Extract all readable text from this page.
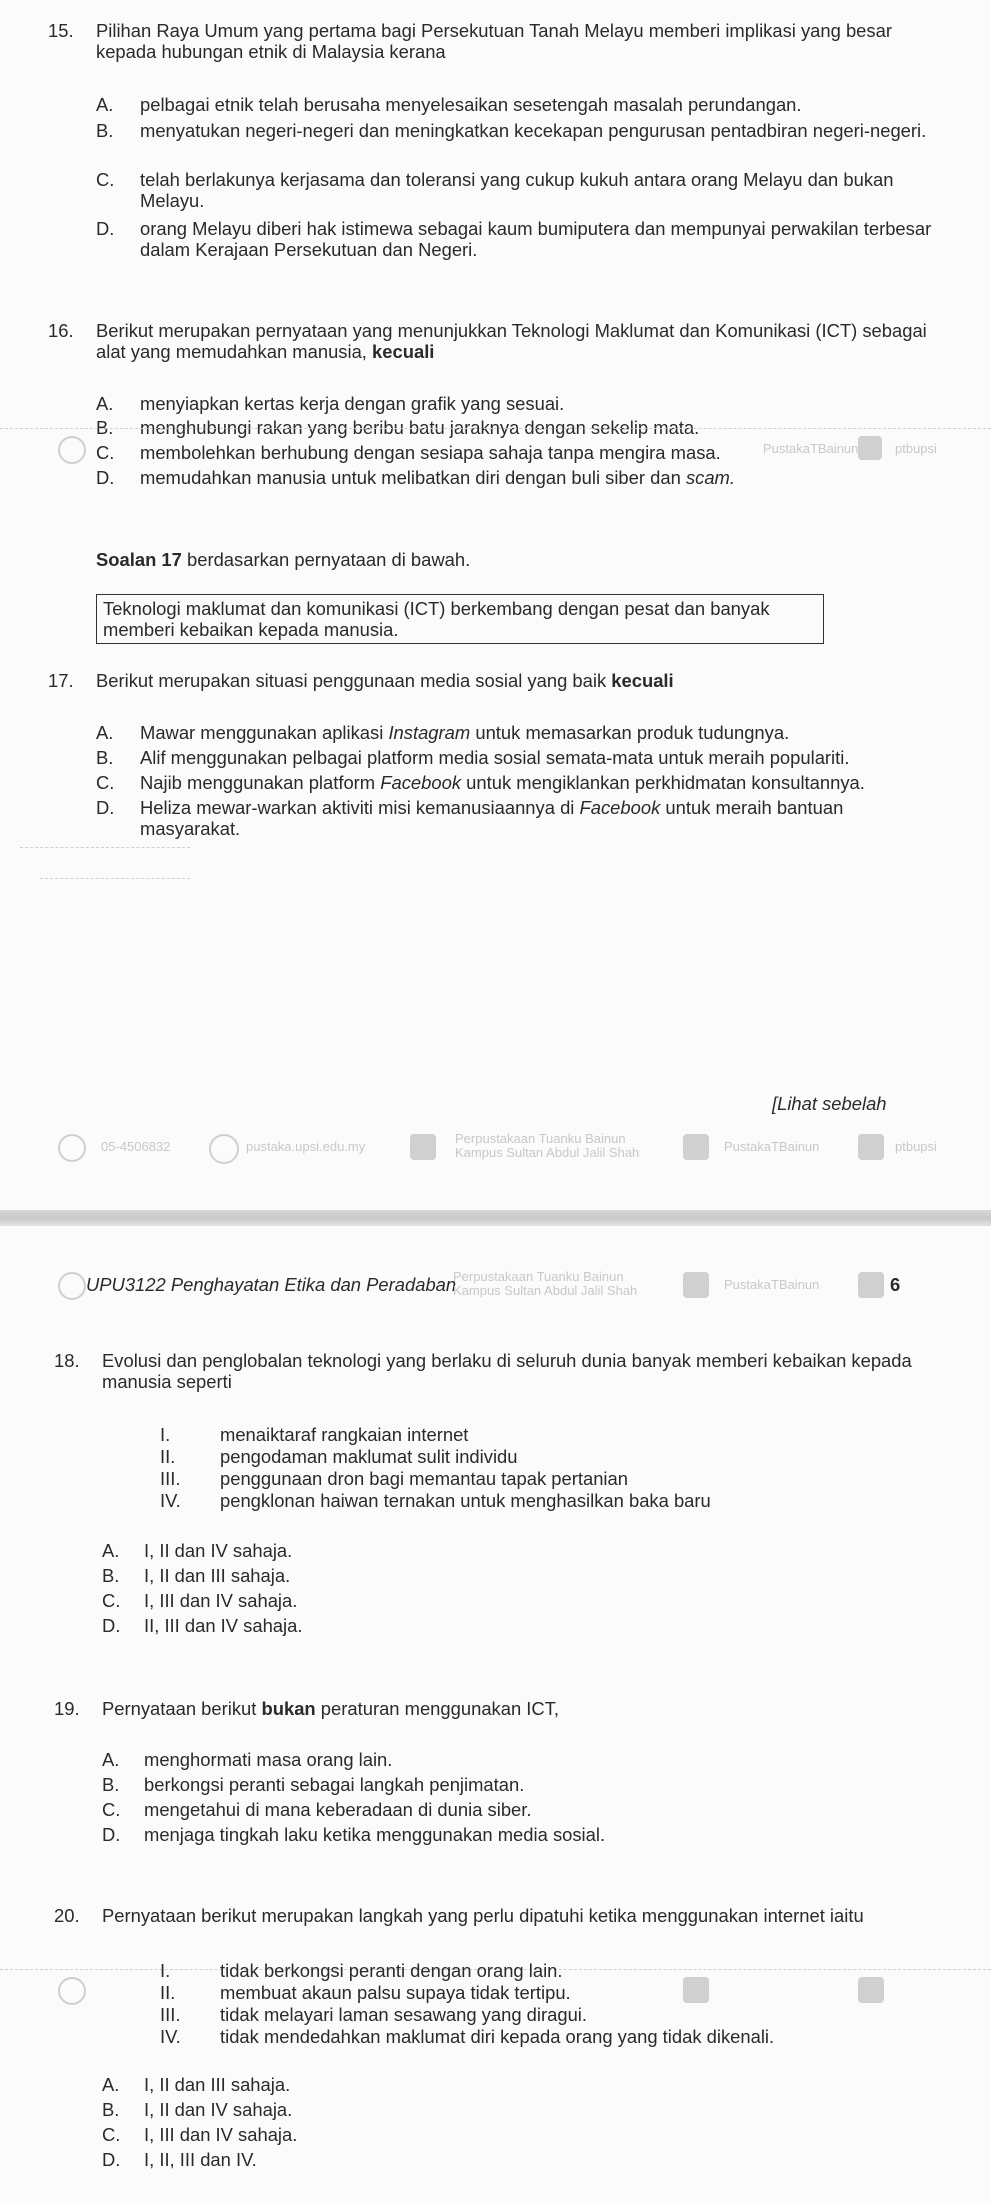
15.	Pilihan Raya Umum yang pertama bagi Persekutuan Tanah Melayu memberi implikasi yang besar kepada hubungan etnik di Malaysia kerana
A. pelbagai etnik telah berusaha menyelesaikan sesetengah masalah perundangan.
B. menyatukan negeri-negeri dan meningkatkan kecekapan pengurusan pentadbiran negeri-negeri.
C. telah berlakunya kerjasama dan toleransi yang cukup kukuh antara orang Melayu dan bukan Melayu.
D. orang Melayu diberi hak istimewa sebagai kaum bumiputera dan mempunyai perwakilan terbesar dalam Kerajaan Persekutuan dan Negeri.
16.	Berikut merupakan pernyataan yang menunjukkan Teknologi Maklumat dan Komunikasi (ICT) sebagai alat yang memudahkan manusia, kecuali
A. menyiapkan kertas kerja dengan grafik yang sesuai.
B. menghubungi rakan yang beribu batu jaraknya dengan sekelip mata.
C. membolehkan berhubung dengan sesiapa sahaja tanpa mengira masa.
D. memudahkan manusia untuk melibatkan diri dengan buli siber dan scam.
PustakaTBainun	ptbupsi
Soalan 17 berdasarkan pernyataan di bawah.
Teknologi maklumat dan komunikasi (ICT) berkembang dengan pesat dan banyak memberi kebaikan kepada manusia.
17.	Berikut merupakan situasi penggunaan media sosial yang baik kecuali
A. Mawar menggunakan aplikasi Instagram untuk memasarkan produk tudungnya.
B. Alif menggunakan pelbagai platform media sosial semata-mata untuk meraih populariti.
C. Najib menggunakan platform Facebook untuk mengiklankan perkhidmatan konsultannya.
D. Heliza mewar-warkan aktiviti misi kemanusiaannya di Facebook untuk meraih bantuan masyarakat.
[Lihat sebelah
05-4506832	pustaka.upsi.edu.my
Perpustakaan Tuanku Bainun
Kampus Sultan Abdul Jalil Shah	PustakaTBainun	ptbupsi
UPU3122 Penghayatan Etika dan Peradaban
Perpustakaan Tuanku Bainun
Kampus Sultan Abdul Jalil Shah	PustakaTBainun	6
18.	Evolusi dan penglobalan teknologi yang berlaku di seluruh dunia banyak memberi kebaikan kepada manusia seperti
I.	menaiktaraf rangkaian internet
II. pengodaman maklumat sulit individu
III. penggunaan dron bagi memantau tapak pertanian
IV. pengklonan haiwan ternakan untuk menghasilkan baka baru
A. I, II dan IV sahaja.
B. I, II dan III sahaja.
C. I, III dan IV sahaja.
D. II, III dan IV sahaja.
19.	Pernyataan berikut bukan peraturan menggunakan ICT,
A. menghormati masa orang lain.
B. berkongsi peranti sebagai langkah penjimatan.
C. mengetahui di mana keberadaan di dunia siber.
D. menjaga tingkah laku ketika menggunakan media sosial.
20.	Pernyataan berikut merupakan langkah yang perlu dipatuhi ketika menggunakan internet iaitu
I.	tidak berkongsi peranti dengan orang lain.
II. membuat akaun palsu supaya tidak tertipu.
III. tidak melayari laman sesawang yang diragui.
IV. tidak mendedahkan maklumat diri kepada orang yang tidak dikenali.
A. I, II dan III sahaja.
B. I, II dan IV sahaja.
C. I, III dan IV sahaja.
D. I, II, III dan IV.
